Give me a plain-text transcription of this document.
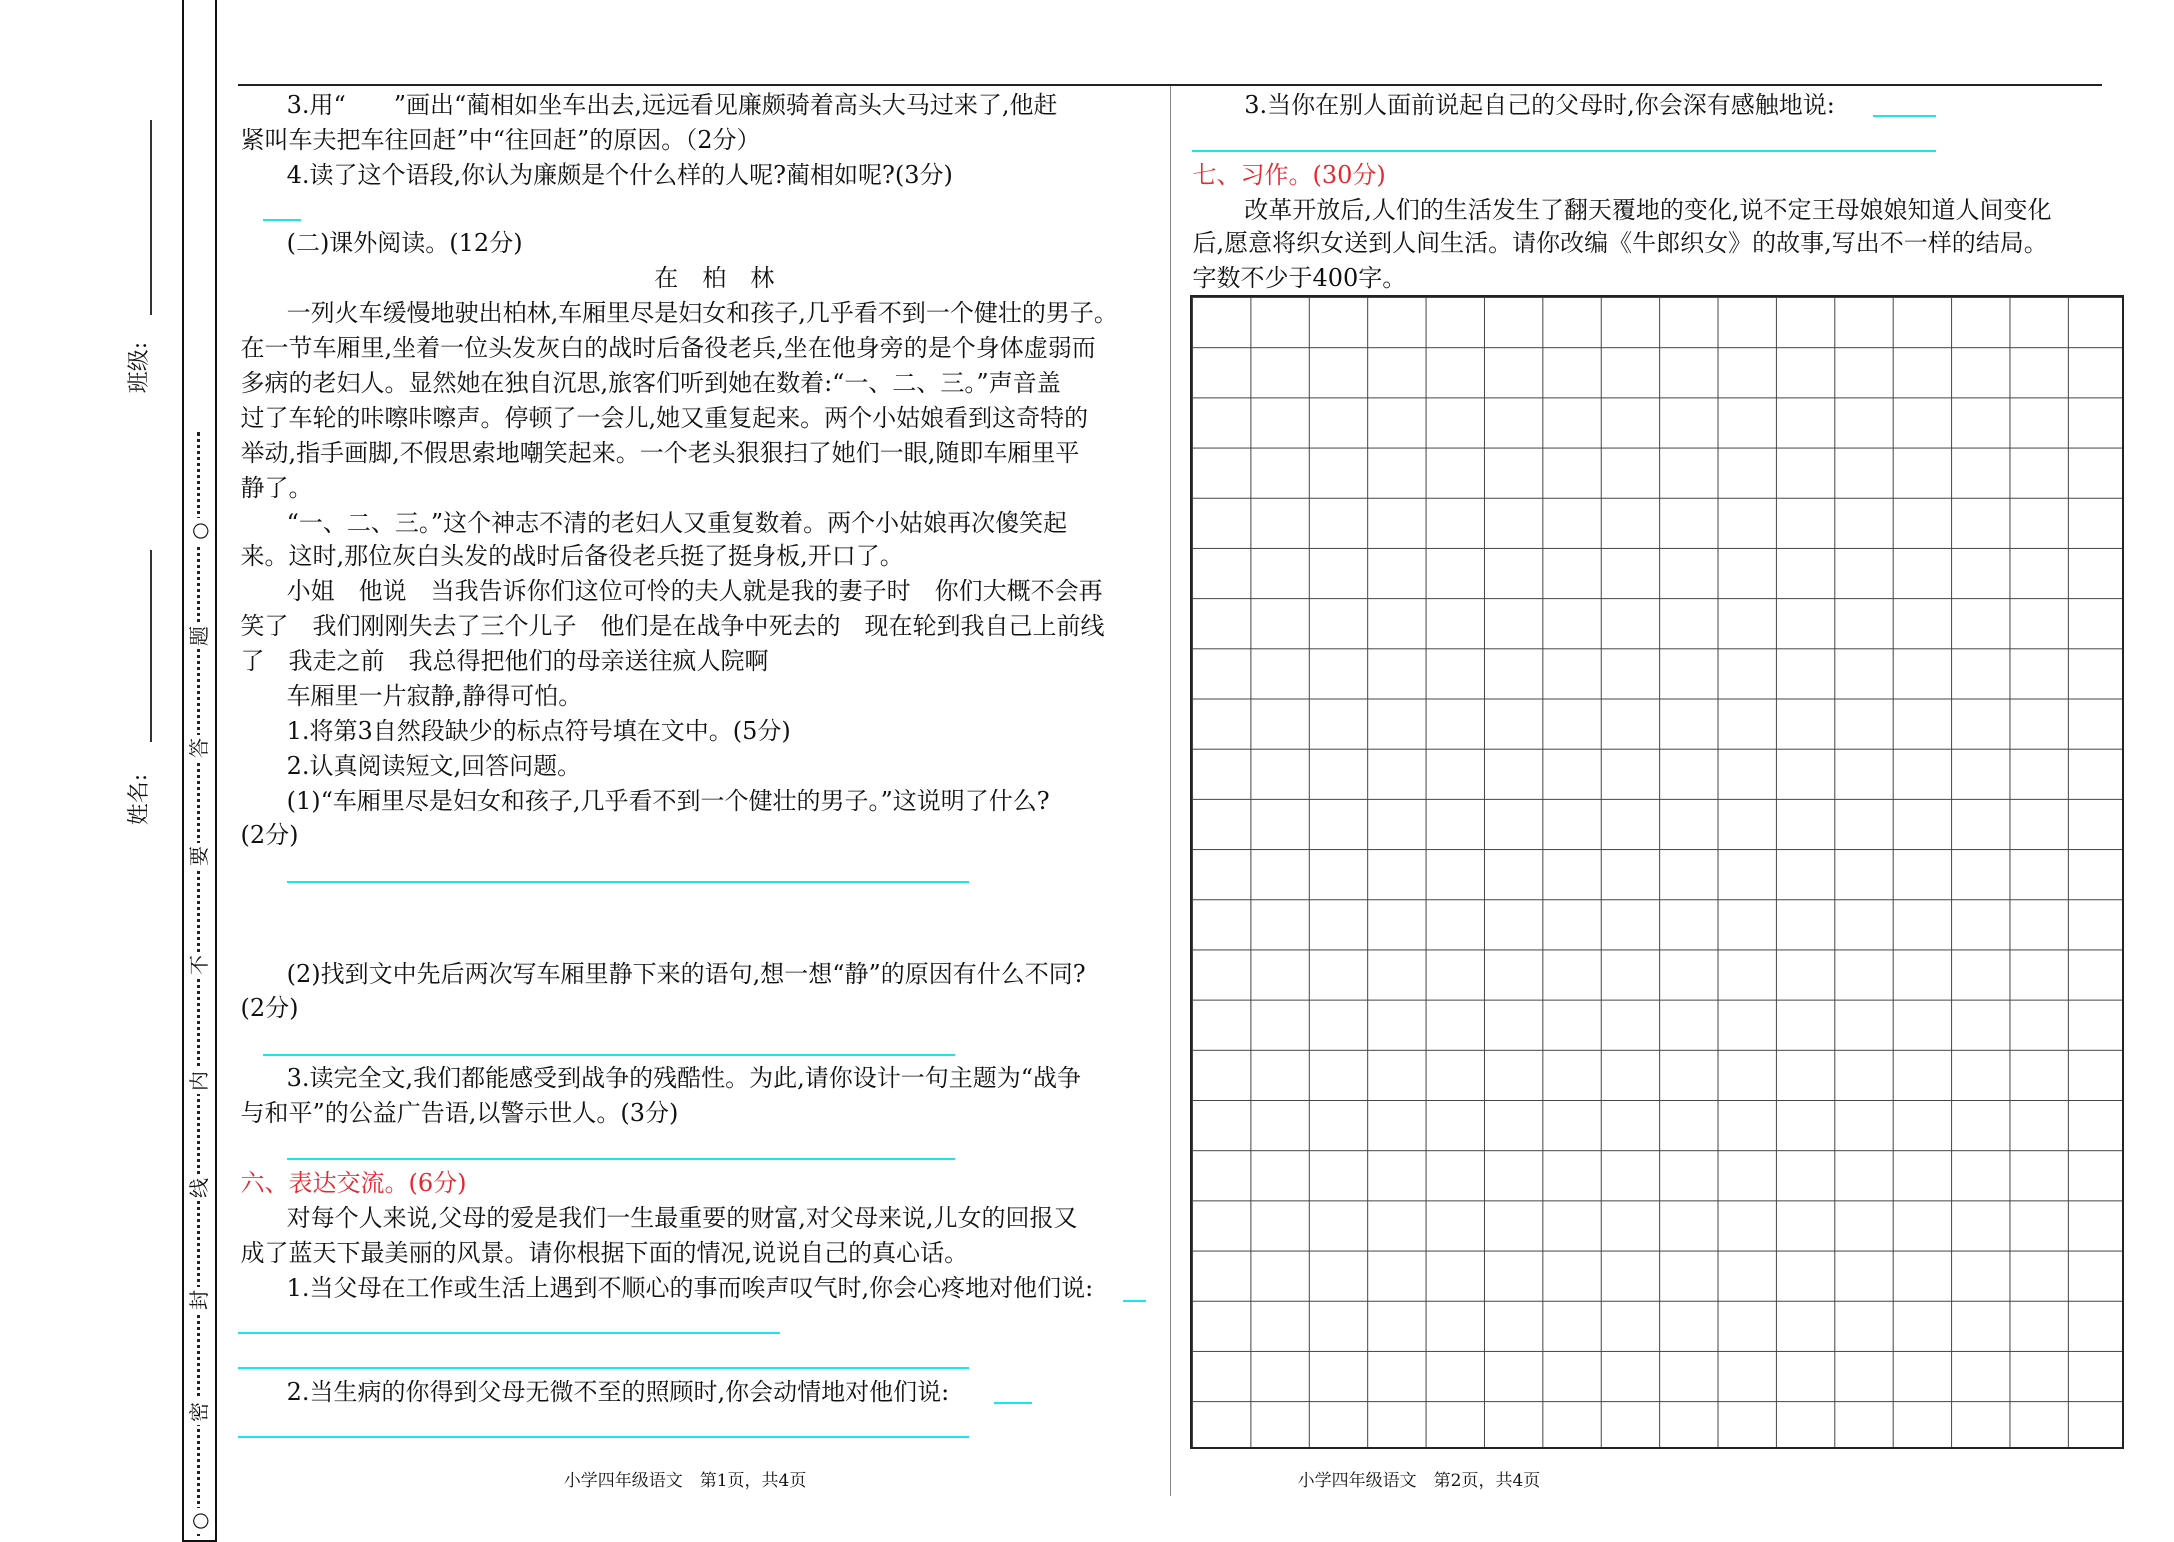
班级:
姓名:
○
密
封
线
内
不
要
答
题
○
3.用“　　”画出“蔺相如坐车出去,远远看见廉颇骑着高头大马过来了,他赶
紧叫车夫把车往回赶”中“往回赶”的原因。（2分）
4.读了这个语段,你认为廉颇是个什么样的人呢?蔺相如呢?(3分)
(二)课外阅读。(12分)
在　柏　林
一列火车缓慢地驶出柏林,车厢里尽是妇女和孩子,几乎看不到一个健壮的男子。
在一节车厢里,坐着一位头发灰白的战时后备役老兵,坐在他身旁的是个身体虚弱而
多病的老妇人。显然她在独自沉思,旅客们听到她在数着:“一、二、三。”声音盖
过了车轮的咔嚓咔嚓声。停顿了一会儿,她又重复起来。两个小姑娘看到这奇特的
举动,指手画脚,不假思索地嘲笑起来。一个老头狠狠扫了她们一眼,随即车厢里平
静了。
“一、二、三。”这个神志不清的老妇人又重复数着。两个小姑娘再次傻笑起
来。这时,那位灰白头发的战时后备役老兵挺了挺身板,开口了。
小姐　他说　当我告诉你们这位可怜的夫人就是我的妻子时　你们大概不会再
笑了　我们刚刚失去了三个儿子　他们是在战争中死去的　现在轮到我自己上前线
了　我走之前　我总得把他们的母亲送往疯人院啊
车厢里一片寂静,静得可怕。
1.将第3自然段缺少的标点符号填在文中。(5分)
2.认真阅读短文,回答问题。
(1)“车厢里尽是妇女和孩子,几乎看不到一个健壮的男子。”这说明了什么?
(2分)
(2)找到文中先后两次写车厢里静下来的语句,想一想“静”的原因有什么不同?
(2分)
3.读完全文,我们都能感受到战争的残酷性。为此,请你设计一句主题为“战争
与和平”的公益广告语,以警示世人。(3分)
六、表达交流。(6分)
对每个人来说,父母的爱是我们一生最重要的财富,对父母来说,儿女的回报又
成了蓝天下最美丽的风景。请你根据下面的情况,说说自己的真心话。
1.当父母在工作或生活上遇到不顺心的事而唉声叹气时,你会心疼地对他们说:
2.当生病的你得到父母无微不至的照顾时,你会动情地对他们说:
3.当你在别人面前说起自己的父母时,你会深有感触地说:
七、习作。(30分)
改革开放后,人们的生活发生了翻天覆地的变化,说不定王母娘娘知道人间变化
后,愿意将织女送到人间生活。请你改编《牛郎织女》的故事,写出不一样的结局。
字数不少于400字。
小学四年级语文　第1页，共4页	小学四年级语文　第2页，共4页
